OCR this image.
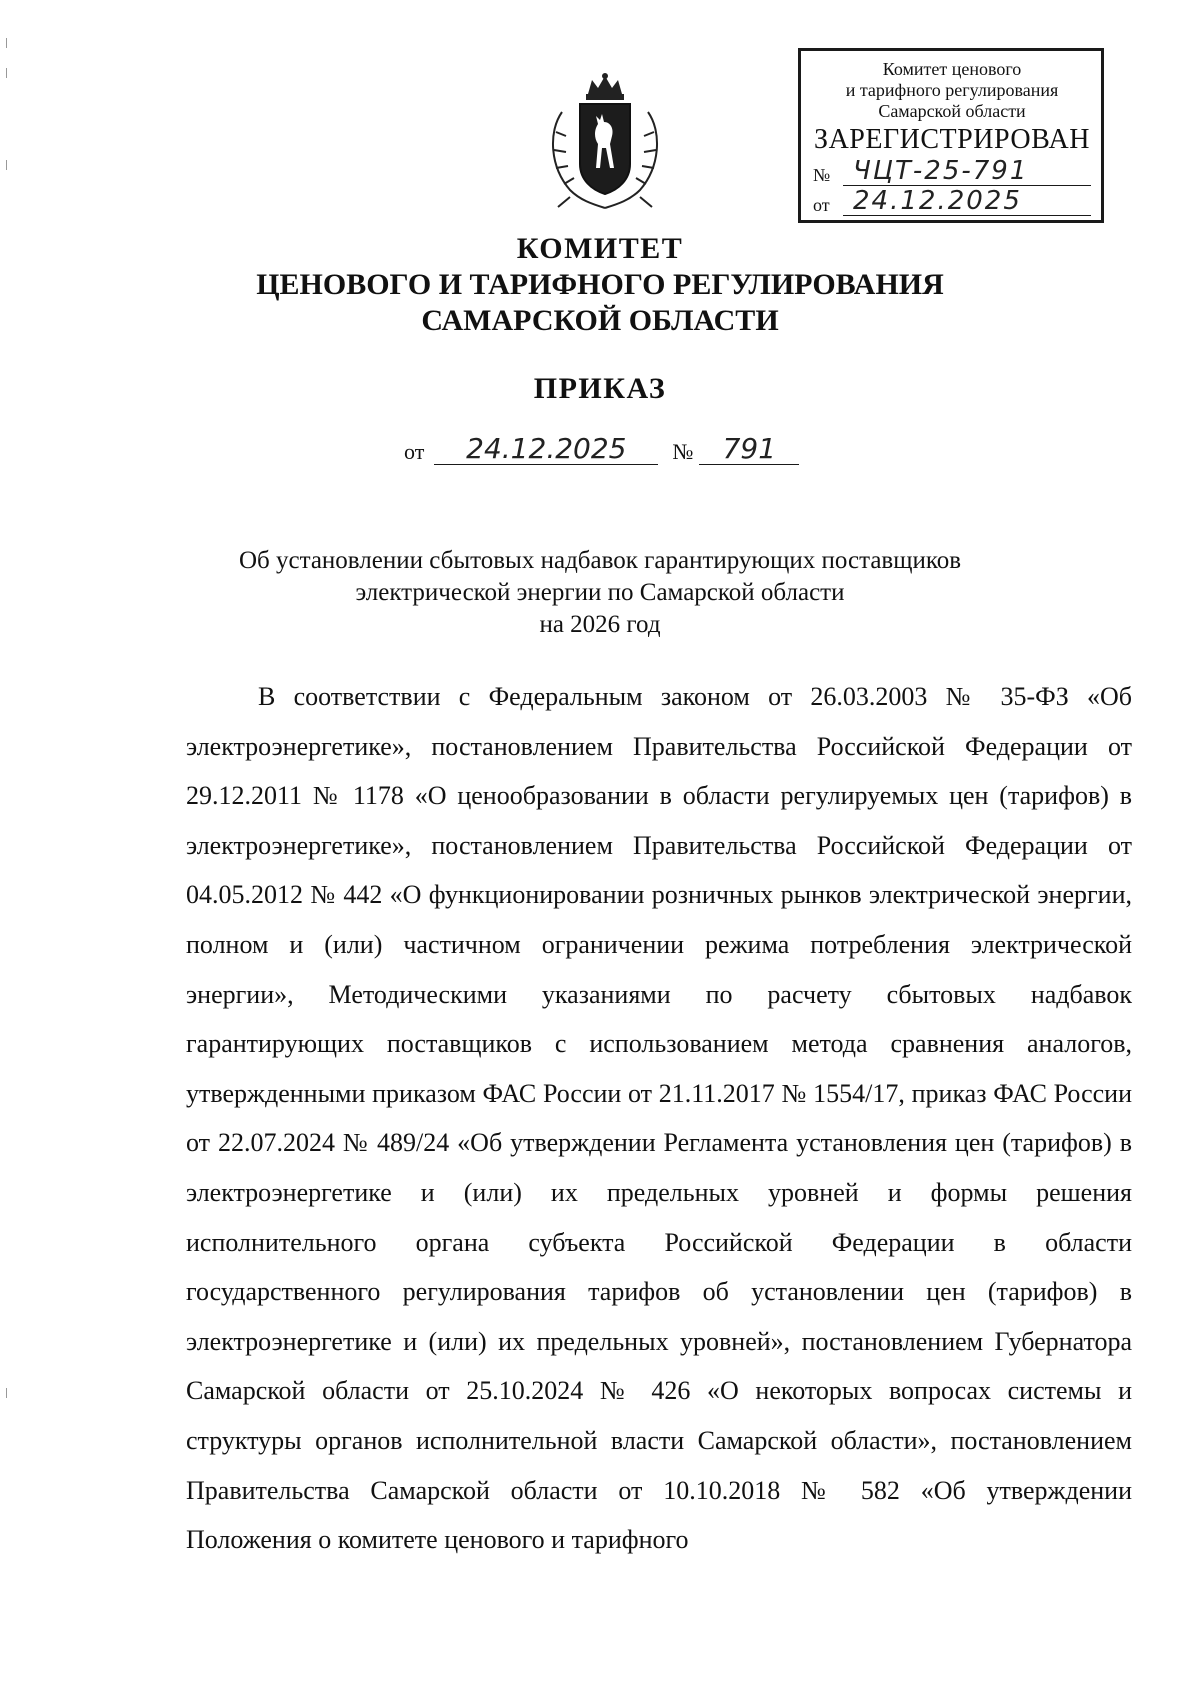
Комитет ценового
и тарифного регулирования
Самарской области
ЗАРЕГИСТРИРОВАН
№ ЧЦТ-25-791
от 24.12.2025
КОМИТЕТ
ЦЕНОВОГО И ТАРИФНОГО РЕГУЛИРОВАНИЯ
САМАРСКОЙ ОБЛАСТИ
ПРИКАЗ
от	24.12.2025	№	791
Об установлении сбытовых надбавок гарантирующих поставщиков
электрической энергии по Самарской области
на 2026 год
В соответствии с Федеральным законом от 26.03.2003 № 35-ФЗ «Об электроэнергетике», постановлением Правительства Российской Федерации от 29.12.2011 № 1178 «О ценообразовании в области регулируемых цен (тарифов) в электроэнергетике», постановлением Правительства Российской Федерации от 04.05.2012 № 442 «О функционировании розничных рынков электрической энергии, полном и (или) частичном ограничении режима потребления электрической энергии», Методическими указаниями по расчету сбытовых надбавок гарантирующих поставщиков с использованием метода сравнения аналогов, утвержденными приказом ФАС России от 21.11.2017 № 1554/17, приказ ФАС России от 22.07.2024 № 489/24 «Об утверждении Регламента установления цен (тарифов) в электроэнергетике и (или) их предельных уровней и формы решения исполнительного органа субъекта Российской Федерации в области государственного регулирования тарифов об установлении цен (тарифов) в электроэнергетике и (или) их предельных уровней», постановлением Губернатора Самарской области от 25.10.2024 № 426 «О некоторых вопросах системы и структуры органов исполнительной власти Самарской области», постановлением Правительства Самарской области от 10.10.2018 № 582 «Об утверждении Положения о комитете ценового и тарифного
